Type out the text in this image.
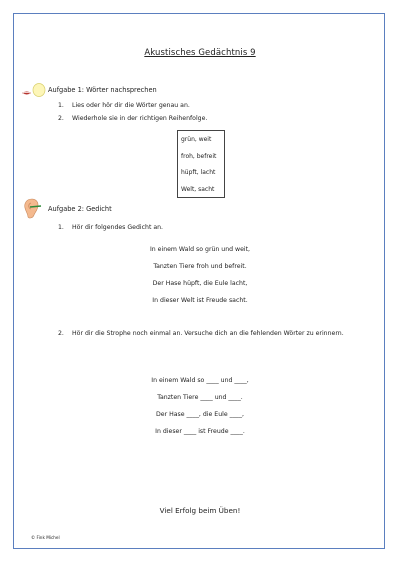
Akustisches Gedächtnis 9
Aufgabe 1: Wörter nachsprechen
1. Lies oder hör dir die Wörter genau an.
2. Wiederhole sie in der richtigen Reihenfolge.
grün, weit
froh, befreit
hüpft, lacht
Welt, sacht
Aufgabe 2: Gedicht
1. Hör dir folgendes Gedicht an.
In einem Wald so grün und weit,
Tanzten Tiere froh und befreit.
Der Hase hüpft, die Eule lacht,
In dieser Welt ist Freude sacht.
2.	Hör dir die Strophe noch einmal an. Versuche dich an die fehlenden Wörter zu erinnern.
In einem Wald so ____ und ____,
Tanzten Tiere ____ und ____.
Der Hase ____, die Eule ____,
In dieser ____ ist Freude ____.
Viel Erfolg beim Üben!
© Fink Michel
